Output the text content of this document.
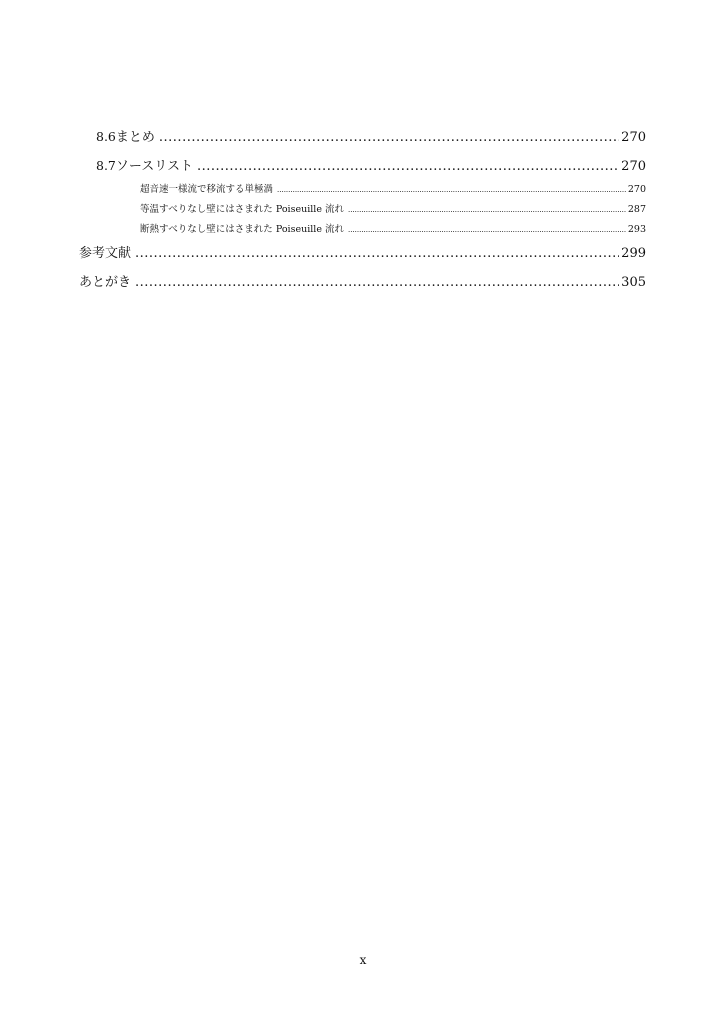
8.6 まとめ .....	270
8.7 ソースリスト .....	270
超音速一様流で移流する単極渦 .....	270
等温すべりなし壁にはさまれた Poiseuille 流れ .....	287
断熱すべりなし壁にはさまれた Poiseuille 流れ .....	293
参考文献 .....	299
あとがき .....	305
x
